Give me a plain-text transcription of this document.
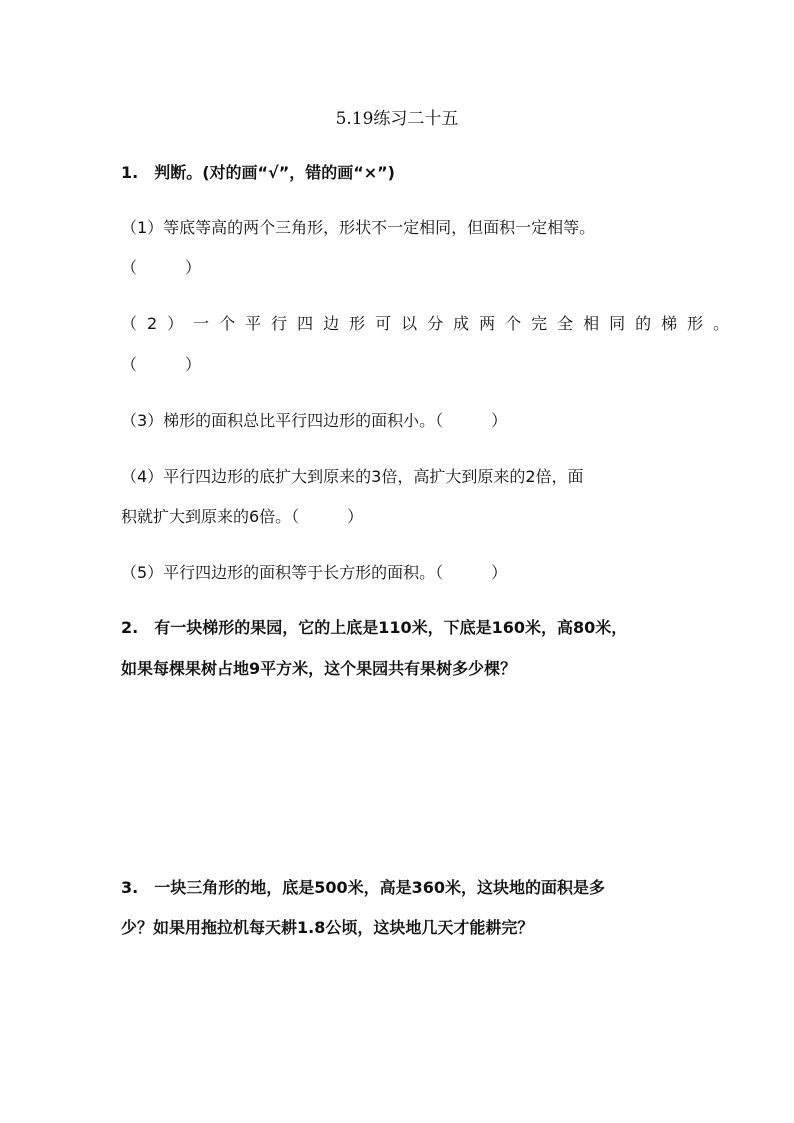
5.19练习二十五
1.　判断。(对的画“√”，错的画“×”)
（1）等底等高的两个三角形，形状不一定相同，但面积一定相等。
（　　　）
（2）一个平行四边形可以分成两个完全相同的梯形。
（　　　）
（3）梯形的面积总比平行四边形的面积小。（　　　）
（4）平行四边形的底扩大到原来的3倍，高扩大到原来的2倍，面
积就扩大到原来的6倍。（　　　）
（5）平行四边形的面积等于长方形的面积。（　　　）
2.　有一块梯形的果园，它的上底是110米，下底是160米，高80米，
如果每棵果树占地9平方米，这个果园共有果树多少棵？
3.　一块三角形的地，底是500米，高是360米，这块地的面积是多
少？如果用拖拉机每天耕1.8公顷，这块地几天才能耕完？
